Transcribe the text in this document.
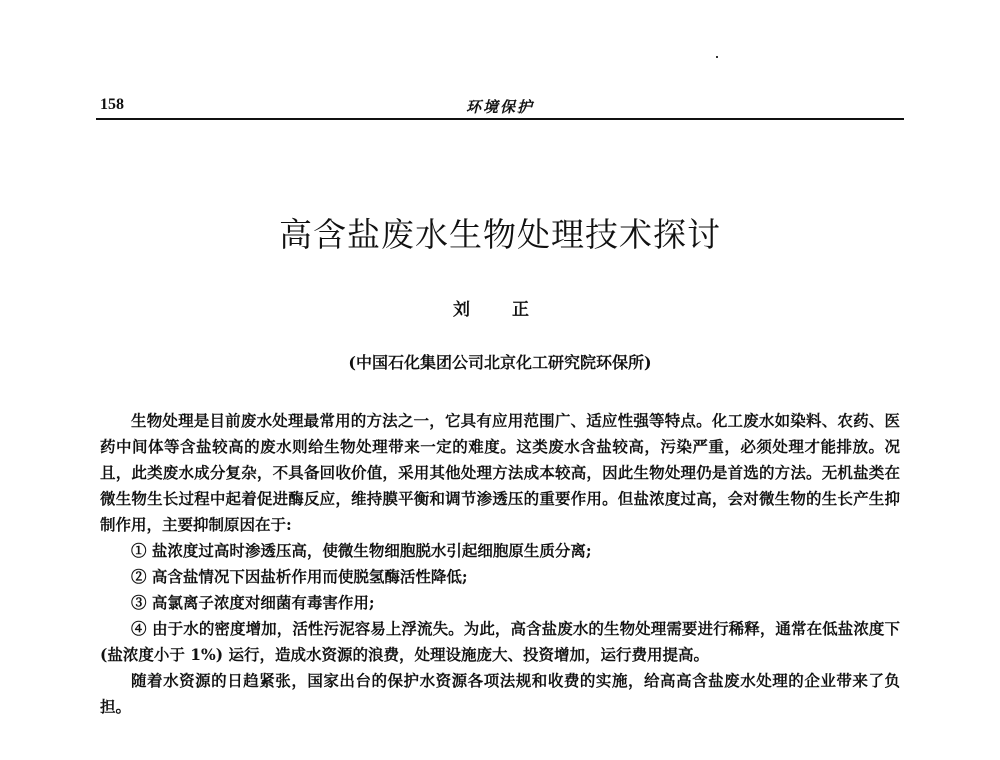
158	环境保护
高含盐废水生物处理技术探讨
刘 正
(中国石化集团公司北京化工研究院环保所)

生物处理是目前废水处理最常用的方法之一，它具有应用范围广、适应性强等特点。化工废水如染料、农药、医药中间体等含盐较高的废水则给生物处理带来一定的难度。这类废水含盐较高，污染严重，必须处理才能排放。况且，此类废水成分复杂，不具备回收价值，采用其他处理方法成本较高，因此生物处理仍是首选的方法。无机盐类在微生物生长过程中起着促进酶反应，维持膜平衡和调节渗透压的重要作用。但盐浓度过高，会对微生物的生长产生抑制作用，主要抑制原因在于:

① 盐浓度过高时渗透压高，使微生物细胞脱水引起细胞原生质分离;

② 高含盐情况下因盐析作用而使脱氢酶活性降低;

③ 高氯离子浓度对细菌有毒害作用;

④ 由于水的密度增加，活性污泥容易上浮流失。为此，高含盐废水的生物处理需要进行稀释，通常在低盐浓度下 (盐浓度小于 1%) 运行，造成水资源的浪费，处理设施庞大、投资增加，运行费用提高。

随着水资源的日趋紧张，国家出台的保护水资源各项法规和收费的实施，给高高含盐废水处理的企业带来了负担。
